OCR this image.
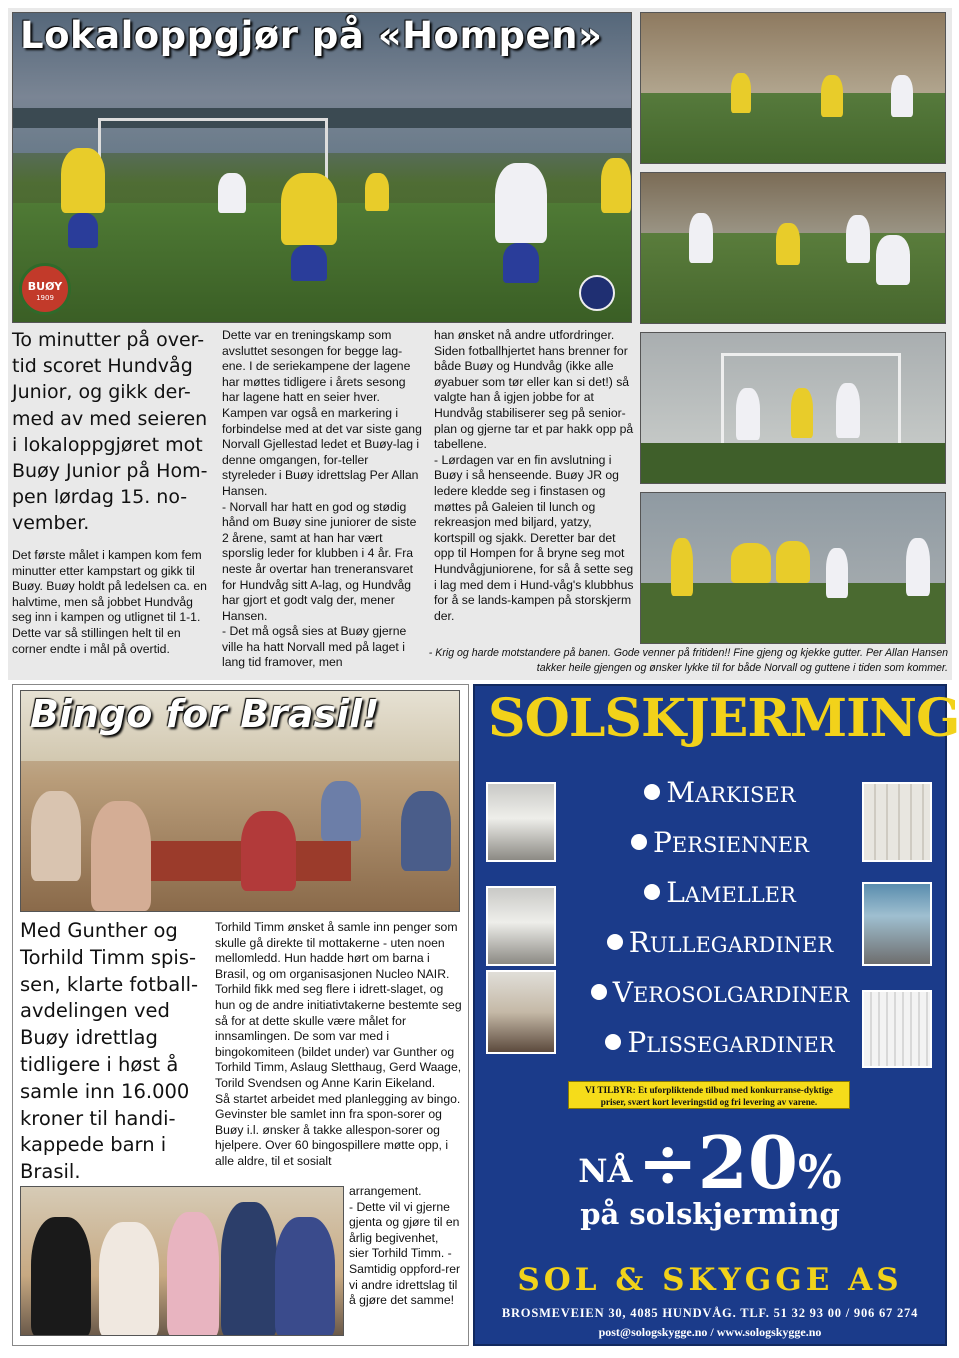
BUØY
1909
Lokaloppgjør på «Hompen»
To minutter på over-tid scoret Hundvåg Junior, og gikk der-med av med seieren i lokaloppgjøret mot Buøy Junior på Hom-pen lørdag 15. no-vember.
Det første målet i kampen kom fem minutter etter kampstart og gikk til Buøy. Buøy holdt på ledelsen ca. en halvtime, men så jobbet Hundvåg seg inn i kampen og utlignet til 1-1. Dette var så stillingen helt til en corner endte i mål på overtid.
Dette var en treningskamp som avsluttet sesongen for begge lag-ene. I de seriekampene der lagene har møttes tidligere i årets sesong har lagene hatt en seier hver.
Kampen var også en markering i forbindelse med at det var siste gang Norvall Gjellestad ledet et Buøy-lag i denne omgangen, for-teller styreleder i Buøy idrettslag Per Allan Hansen.
- Norvall har hatt en god og stødig hånd om Buøy sine juniorer de siste 2 årene, samt at han har vært sporslig leder for klubben i 4 år. Fra neste år overtar han treneransvaret for Hundvåg sitt A-lag, og Hundvåg har gjort et godt valg der, mener Hansen.
- Det må også sies at Buøy gjerne ville ha hatt Norvall med på laget i lang tid framover, men
han ønsket nå andre utfordringer. Siden fotballhjertet hans brenner for både Buøy og Hundvåg (ikke alle øyabuer som tør eller kan si det!) så valgte han å igjen jobbe for at Hundvåg stabiliserer seg på senior-plan og gjerne tar et par hakk opp på tabellene.
- Lørdagen var en fin avslutning i Buøy i så henseende. Buøy JR og ledere kledde seg i finstasen og møttes på Galeien til lunch og rekreasjon med biljard, yatzy, kortspill og sjakk. Deretter bar det opp til Hompen for å bryne seg mot Hundvågjuniorene, for så å sette seg i lag med dem i Hund-våg's klubbhus for å se lands-kampen på storskjerm der.
- Krig og harde motstandere på banen. Gode venner på fritiden!! Fine gjeng og kjekke gutter. Per Allan Hansen takker heile gjengen og ønsker lykke til for både Norvall og guttene i tiden som kommer.
Bingo for Brasil!
Med Gunther og Torhild Timm spis-sen, klarte fotball-avdelingen ved Buøy idrettlag tidligere i høst å samle inn 16.000 kroner til handi-kappede barn i Brasil.
Torhild Timm ønsket å samle inn penger som skulle gå direkte til mottakerne - uten noen mellomledd. Hun hadde hørt om barna i Brasil, og om organisasjonen Nucleo NAIR. Torhild fikk med seg flere i idrett-slaget, og hun og de andre initiativtakerne bestemte seg så for at dette skulle være målet for innsamlingen. De som var med i bingokomiteen (bildet under) var Gunther og Torhild Timm, Aslaug Sletthaug, Gerd Waage, Torild Svendsen og Anne Karin Eikeland.
Så startet arbeidet med planlegging av bingo. Gevinster ble samlet inn fra spon-sorer og Buøy i.l. ønsker å takke allespon-sorer og hjelpere. Over 60 bingospillere møtte opp, i alle aldre, til et sosialt
arrangement.
- Dette vil vi gjerne gjenta og gjøre til en årlig begivenhet, sier Torhild Timm. - Samtidig oppford-rer vi andre idrettslag til å gjøre det samme!
SOLSKJERMING
MARKISER
PERSIENNER
LAMELLER
RULLEGARDINER
VEROSOLGARDINER
PLISSEGARDINER
VI TILBYR: Et uforpliktende tilbud med konkurranse-dyktige priser, svært kort leveringstid og fri levering av varene.
NÅ ÷20%
på solskjerming
SOL & SKYGGE AS
BROSMEVEIEN 30, 4085 HUNDVÅG. TLF. 51 32 93 00 / 906 67 274
post@sologskygge.no / www.sologskygge.no
